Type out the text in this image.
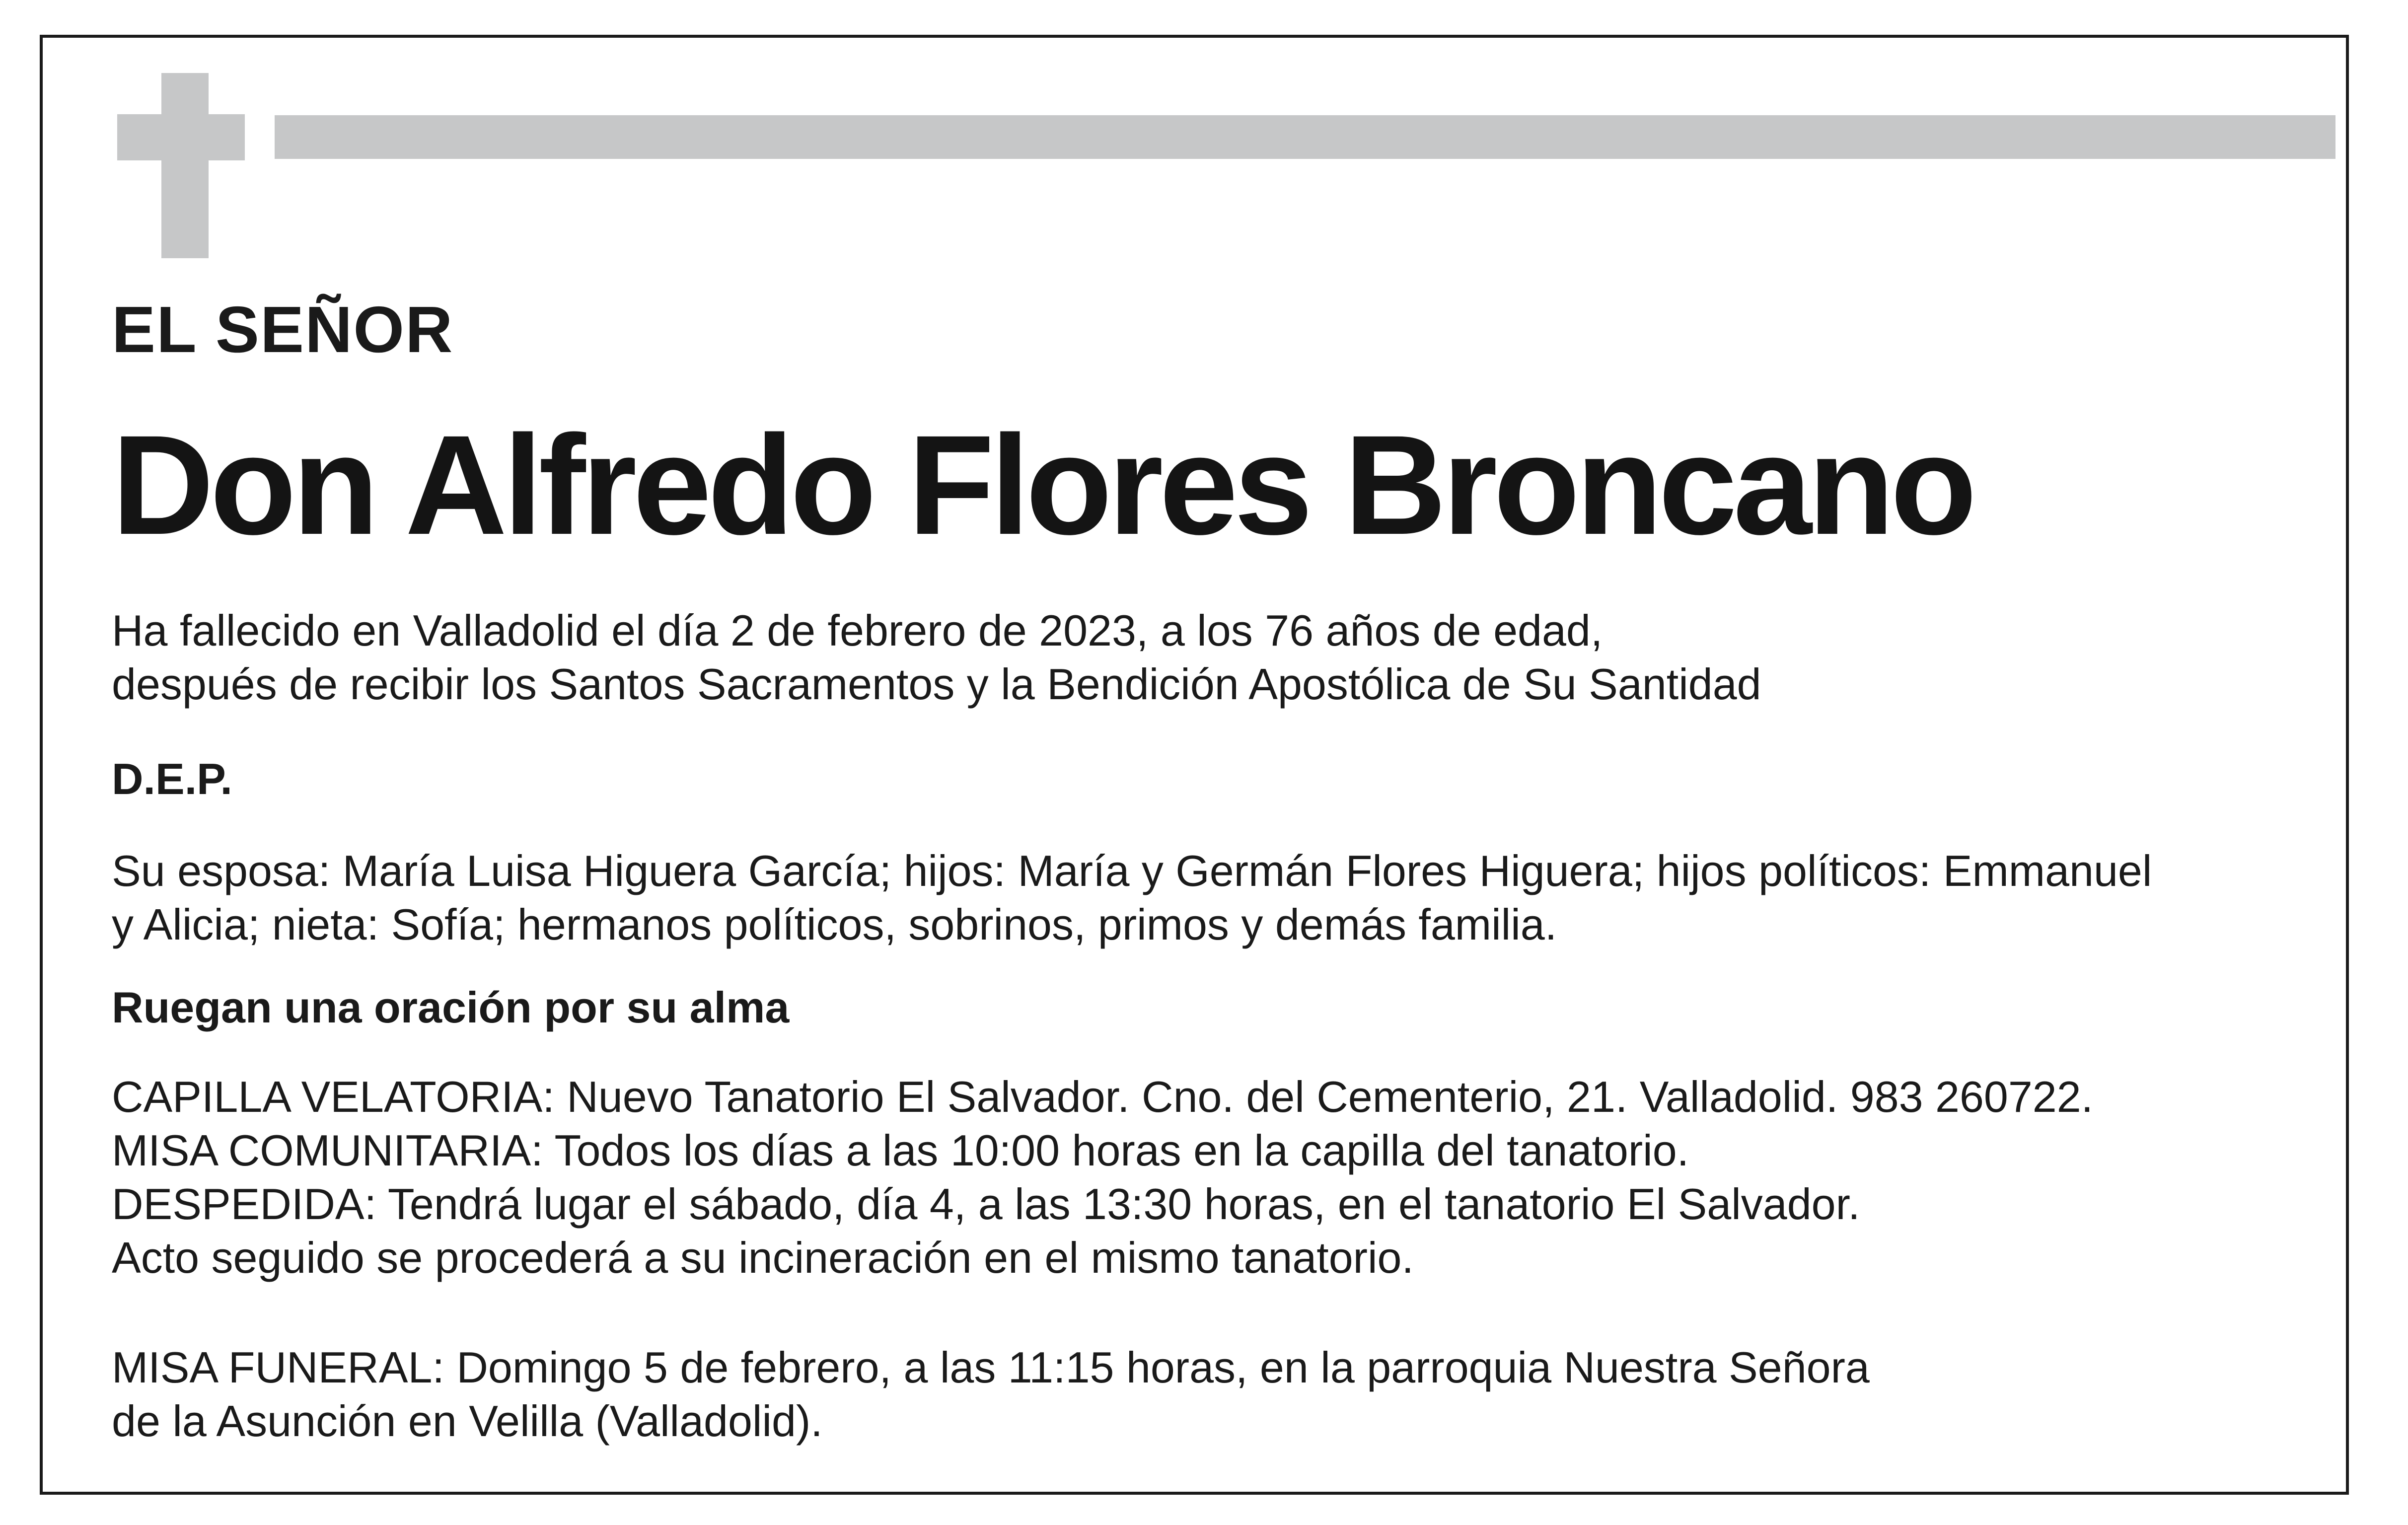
EL SEÑOR
Don Alfredo Flores Broncano
Ha fallecido en Valladolid el día 2 de febrero de 2023, a los 76 años de edad,
después de recibir los Santos Sacramentos y la Bendición Apostólica de Su Santidad
D.E.P.
Su esposa: María Luisa Higuera García; hijos: María y Germán Flores Higuera; hijos políticos: Emmanuel
y Alicia; nieta: Sofía; hermanos políticos, sobrinos, primos y demás familia.
Ruegan una oración por su alma
CAPILLA VELATORIA: Nuevo Tanatorio El Salvador. Cno. del Cementerio, 21. Valladolid. 983 260722.
MISA COMUNITARIA: Todos los días a las 10:00 horas en la capilla del tanatorio.
DESPEDIDA: Tendrá lugar el sábado, día 4, a las 13:30 horas, en el tanatorio El Salvador.
Acto seguido se procederá a su incineración en el mismo tanatorio.
MISA FUNERAL: Domingo 5 de febrero, a las 11:15 horas, en la parroquia Nuestra Señora
de la Asunción en Velilla (Valladolid).
